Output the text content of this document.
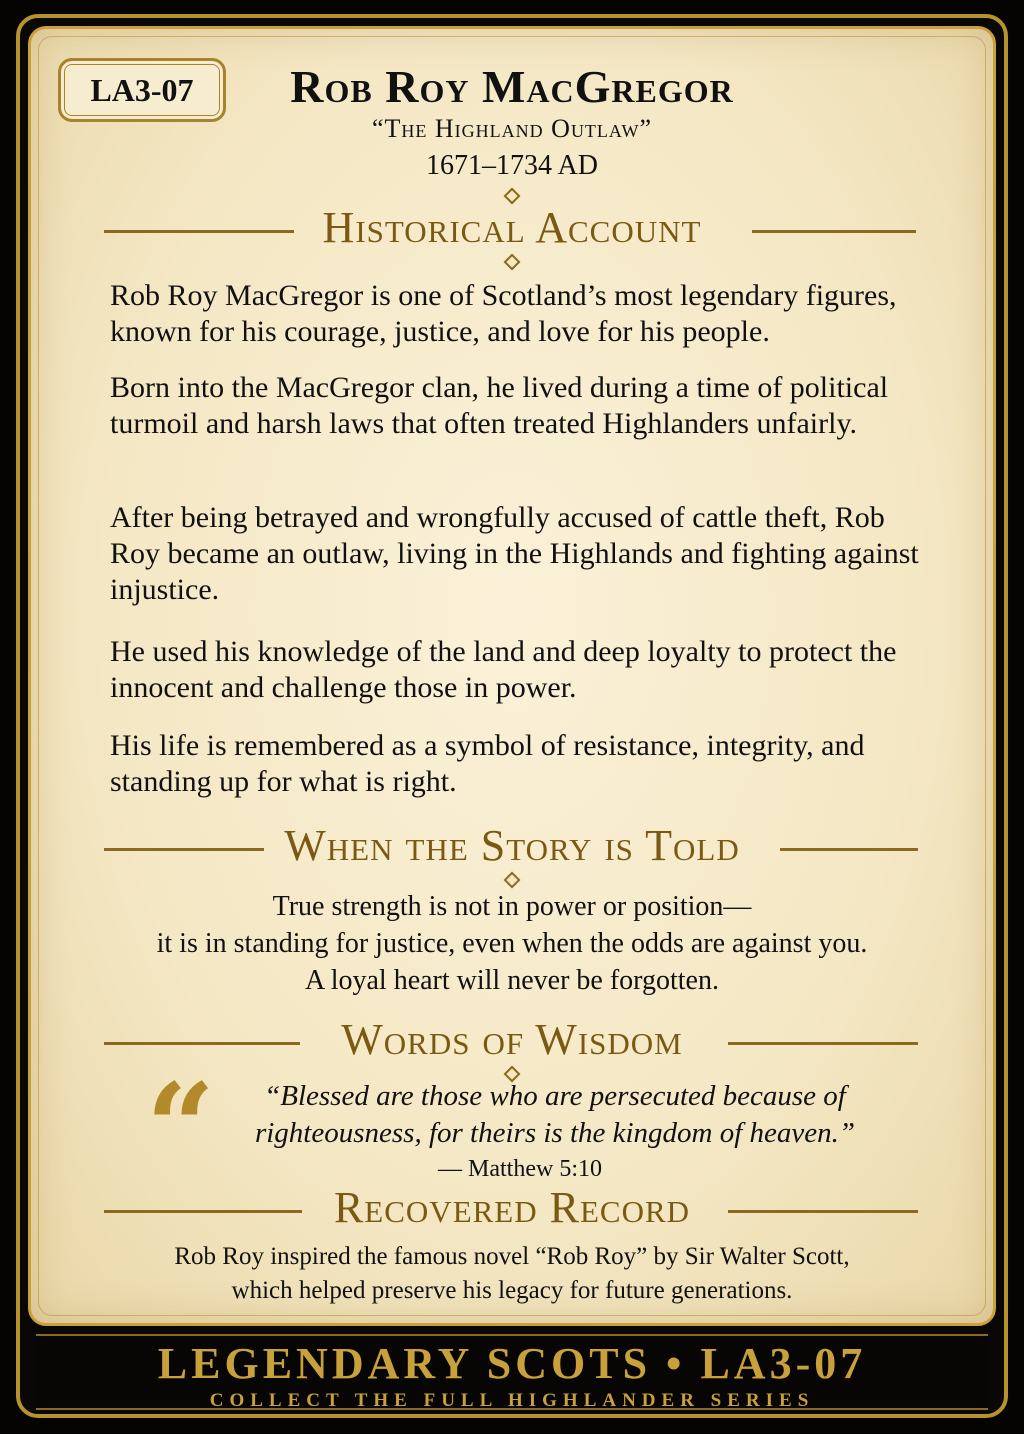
LA3-07	Rob Roy MacGregor
“The Highland Outlaw”
1671–1734 AD
Historical Account
Rob Roy MacGregor is one of Scotland’s most legendary figures, known for his courage, justice, and love for his people.
Born into the MacGregor clan, he lived during a time of political turmoil and harsh laws that often treated Highlanders unfairly.
After being betrayed and wrongfully accused of cattle theft, Rob Roy became an outlaw, living in the Highlands and fighting against injustice.
He used his knowledge of the land and deep loyalty to protect the innocent and challenge those in power.
His life is remembered as a symbol of resistance, integrity, and standing up for what is right.
When the Story is Told
True strength is not in power or position—
it is in standing for justice, even when the odds are against you.
A loyal heart will never be forgotten.
Words of Wisdom
“	“Blessed are those who are persecuted because of righteousness, for theirs is the kingdom of heaven.”
— Matthew 5:10
Recovered Record
Rob Roy inspired the famous novel “Rob Roy” by Sir Walter Scott,
which helped preserve his legacy for future generations.
LEGENDARY SCOTS • LA3-07
COLLECT THE FULL HIGHLANDER SERIES
